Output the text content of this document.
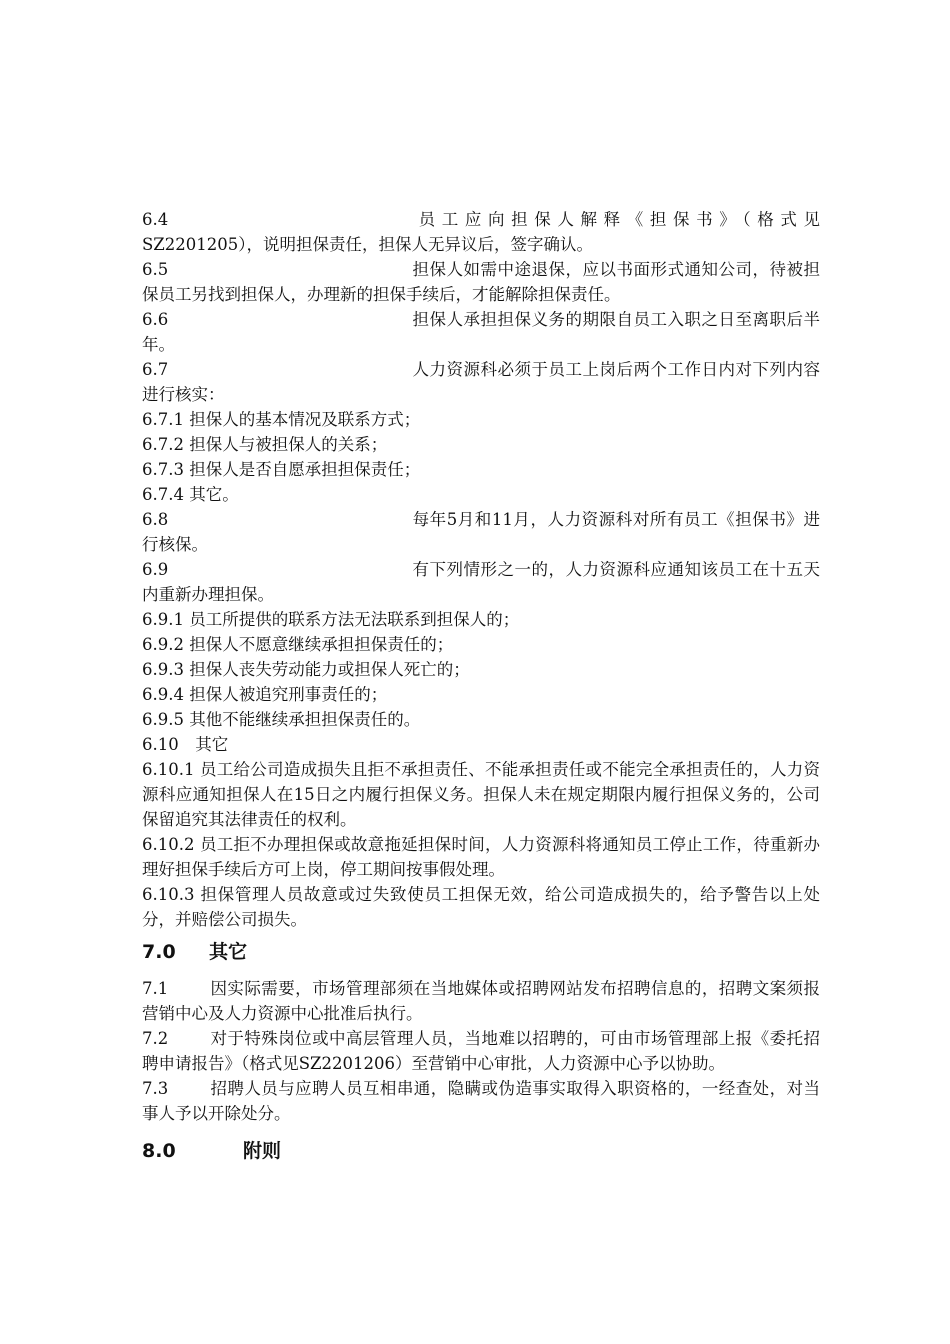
6.4	员工应向担保人解释《担保书》（格式见SZ2201205），说明担保责任，担保人无异议后，签字确认。

6.5	担保人如需中途退保，应以书面形式通知公司，待被担保员工另找到担保人，办理新的担保手续后，才能解除担保责任。

6.6	担保人承担担保义务的期限自员工入职之日至离职后半年。

6.7	人力资源科必须于员工上岗后两个工作日内对下列内容进行核实：

6.7.1 担保人的基本情况及联系方式；

6.7.2 担保人与被担保人的关系；

6.7.3 担保人是否自愿承担担保责任；

6.7.4 其它。

6.8	每年5月和11月，人力资源科对所有员工《担保书》进行核保。

6.9	有下列情形之一的，人力资源科应通知该员工在十五天内重新办理担保。

6.9.1 员工所提供的联系方法无法联系到担保人的；

6.9.2 担保人不愿意继续承担担保责任的；

6.9.3 担保人丧失劳动能力或担保人死亡的；

6.9.4 担保人被追究刑事责任的；

6.9.5 其他不能继续承担担保责任的。

6.10　其它

6.10.1 员工给公司造成损失且拒不承担责任、不能承担责任或不能完全承担责任的，人力资源科应通知担保人在15日之内履行担保义务。担保人未在规定期限内履行担保义务的，公司保留追究其法律责任的权利。

6.10.2 员工拒不办理担保或故意拖延担保时间，人力资源科将通知员工停止工作，待重新办理好担保手续后方可上岗，停工期间按事假处理。

6.10.3 担保管理人员故意或过失致使员工担保无效，给公司造成损失的，给予警告以上处分，并赔偿公司损失。

7.0 其它

7.1	因实际需要，市场管理部须在当地媒体或招聘网站发布招聘信息的，招聘文案须报营销中心及人力资源中心批准后执行。

7.2	对于特殊岗位或中高层管理人员，当地难以招聘的，可由市场管理部上报《委托招聘申请报告》（格式见SZ2201206）至营销中心审批，人力资源中心予以协助。

7.3	招聘人员与应聘人员互相串通，隐瞒或伪造事实取得入职资格的，一经查处，对当事人予以开除处分。

8.0	附则
